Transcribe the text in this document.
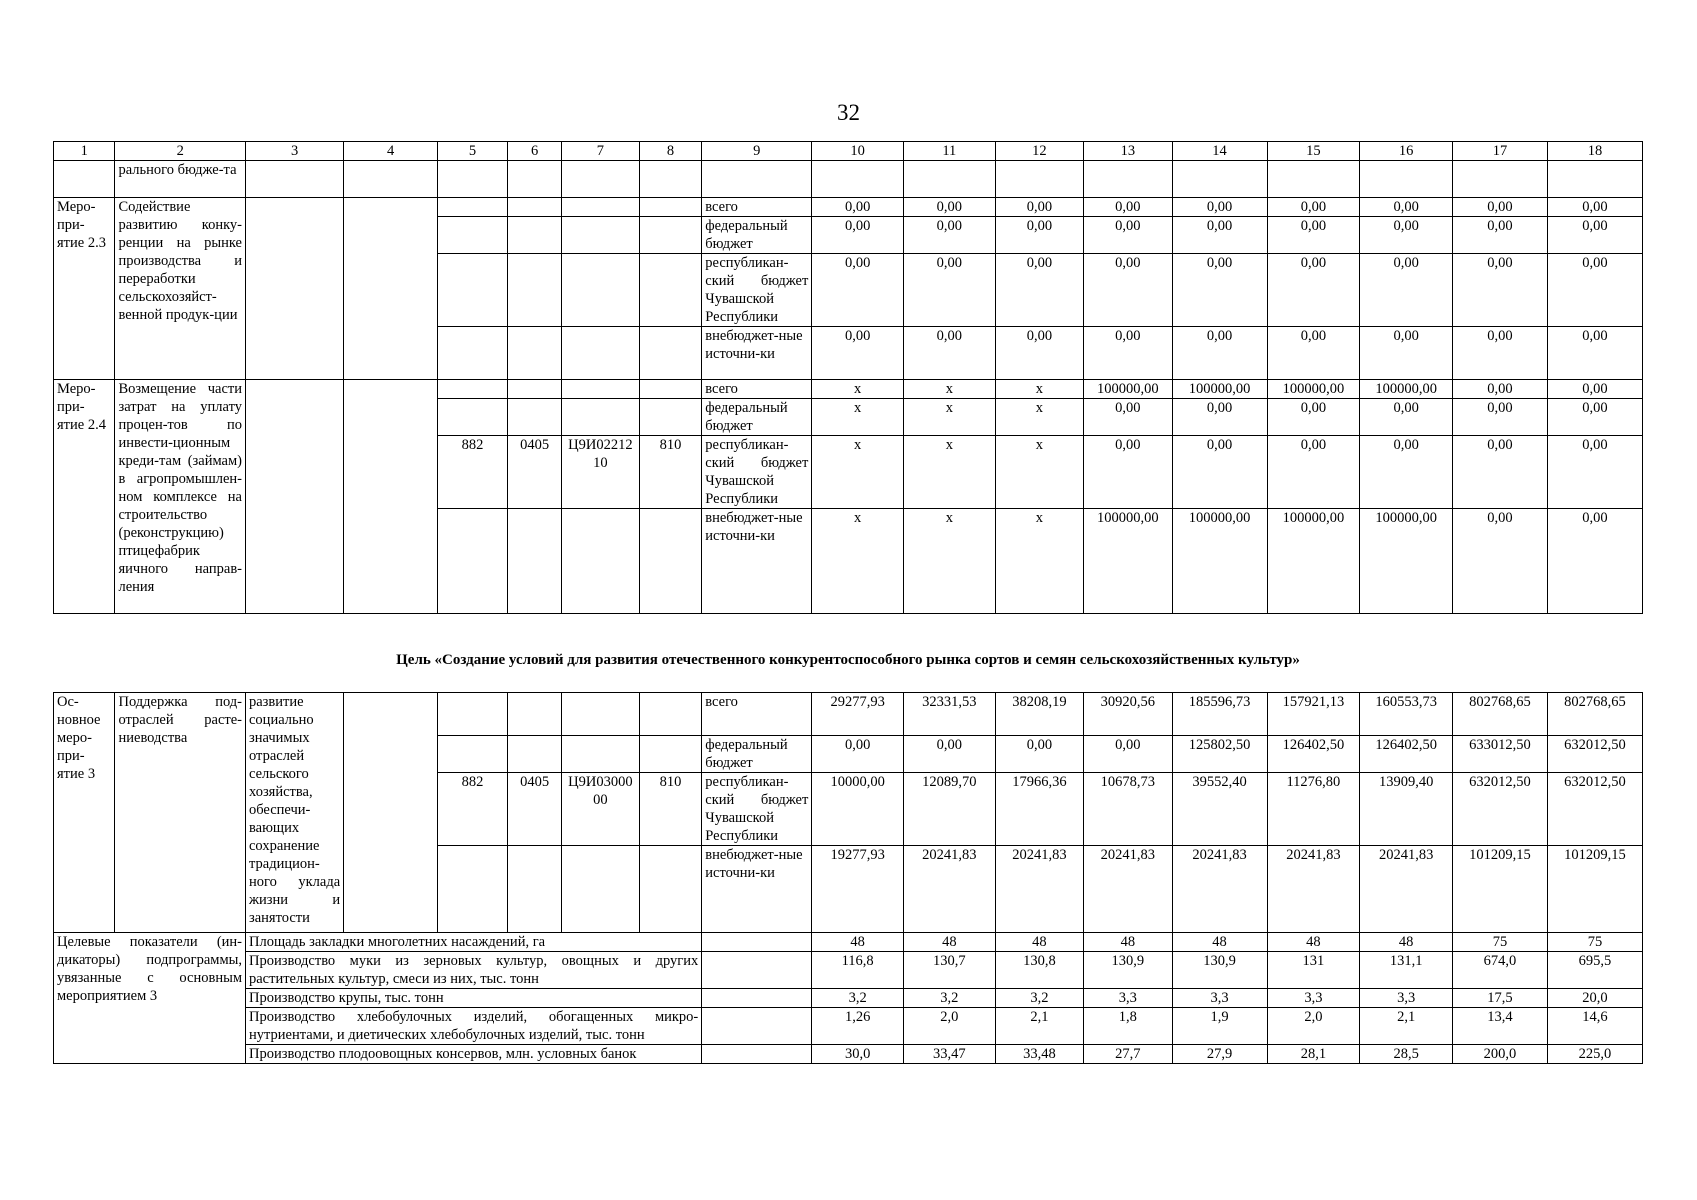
32
1	2	3	4	5	6	7	8	9	10	11	12	13	14	15	16	17	18
	рального бюдже-та																
Меро-при-ятие 2.3	Содействие развитию конку-ренции на рынке производства и переработки сельскохозяйст-венной продук-ции							всего	0,00	0,00	0,00	0,00	0,00	0,00	0,00	0,00	0,00
								федеральный бюджет	0,00	0,00	0,00	0,00	0,00	0,00	0,00	0,00	0,00
								республикан-ский бюджет Чувашской Республики	0,00	0,00	0,00	0,00	0,00	0,00	0,00	0,00	0,00
								внебюджет-ные источни-ки	0,00	0,00	0,00	0,00	0,00	0,00	0,00	0,00	0,00
Меро-при-ятие 2.4	Возмещение части затрат на уплату процен-тов по инвести-ционным креди-там (займам) в агропромышлен-ном комплексе на строительство (реконструкцию) птицефабрик яичного направ-ления							всего	х	х	х	100000,00	100000,00	100000,00	100000,00	0,00	0,00
								федеральный бюджет	х	х	х	0,00	0,00	0,00	0,00	0,00	0,00
				882	0405	Ц9И0221210	810	республикан-ский бюджет Чувашской Республики	х	х	х	0,00	0,00	0,00	0,00	0,00	0,00
								внебюджет-ные источни-ки	х	х	х	100000,00	100000,00	100000,00	100000,00	0,00	0,00
Цель «Создание условий для развития отечественного конкурентоспособного рынка сортов и семян сельскохозяйственных культур»
Ос-новное меро-при-ятие 3	Поддержка под-отраслей расте-ниеводства	развитие социально значимых отраслей сельского хозяйства, обеспечи-вающих сохранение традицион-ного уклада жизни и занятости						всего	29277,93	32331,53	38208,19	30920,56	185596,73	157921,13	160553,73	802768,65	802768,65
								федеральный бюджет	0,00	0,00	0,00	0,00	125802,50	126402,50	126402,50	633012,50	632012,50
				882	0405	Ц9И0300000	810	республикан-ский бюджет Чувашской Республики	10000,00	12089,70	17966,36	10678,73	39552,40	11276,80	13909,40	632012,50	632012,50
								внебюджет-ные источни-ки	19277,93	20241,83	20241,83	20241,83	20241,83	20241,83	20241,83	101209,15	101209,15
Целевые показатели (ин-дикаторы) подпрограммы, увязанные с основным мероприятием 3		Площадь закладки многолетних насаждений, га							48	48	48	48	48	48	48	75	75
		Производство муки из зерновых культур, овощных и других растительных культур, смеси из них, тыс. тонн							116,8	130,7	130,8	130,9	130,9	131	131,1	674,0	695,5
		Производство крупы, тыс. тонн							3,2	3,2	3,2	3,3	3,3	3,3	3,3	17,5	20,0
		Производство хлебобулочных изделий, обогащенных микро-нутриентами, и диетических хлебобулочных изделий, тыс. тонн							1,26	2,0	2,1	1,8	1,9	2,0	2,1	13,4	14,6
		Производство плодоовощных консервов, млн. условных банок							30,0	33,47	33,48	27,7	27,9	28,1	28,5	200,0	225,0
